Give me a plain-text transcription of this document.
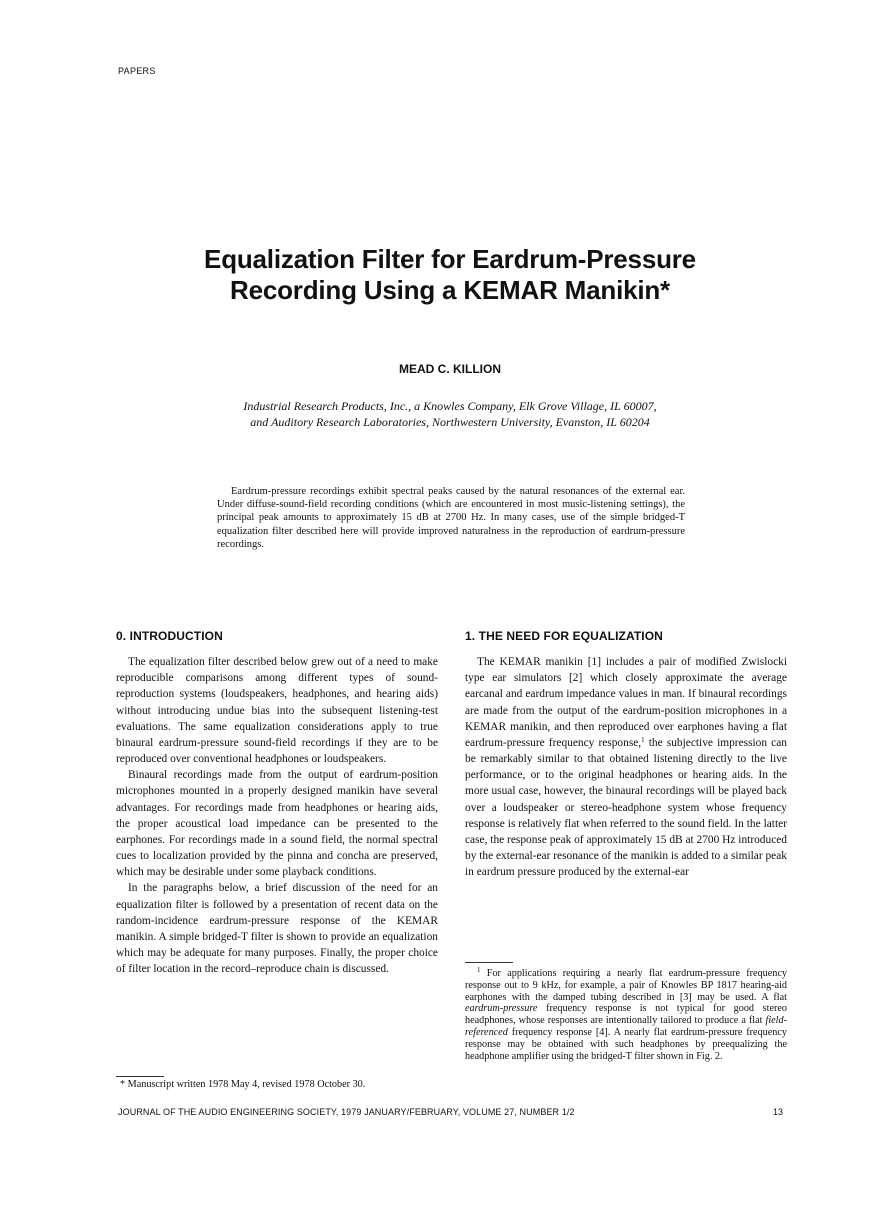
PAPERS
Equalization Filter for Eardrum-Pressure
Recording Using a KEMAR Manikin*
MEAD C. KILLION
Industrial Research Products, Inc., a Knowles Company, Elk Grove Village, IL 60007,
and Auditory Research Laboratories, Northwestern University, Evanston, IL 60204
Eardrum-pressure recordings exhibit spectral peaks caused by the natural resonances of the external ear. Under diffuse-sound-field recording conditions (which are encountered in most music-listening settings), the principal peak amounts to approximately 15 dB at 2700 Hz. In many cases, use of the simple bridged-T equalization filter described here will provide improved naturalness in the reproduction of eardrum-pressure recordings.
0. INTRODUCTION

The equalization filter described below grew out of a need to make reproducible comparisons among different types of sound-reproduction systems (loudspeakers, headphones, and hearing aids) without introducing undue bias into the subsequent listening-test evaluations. The same equalization considerations apply to true binaural eardrum-pressure sound-field recordings if they are to be reproduced over conventional headphones or loudspeakers.

Binaural recordings made from the output of eardrum-position microphones mounted in a properly designed manikin have several advantages. For recordings made from headphones or hearing aids, the proper acoustical load impedance can be presented to the earphones. For recordings made in a sound field, the normal spectral cues to localization provided by the pinna and concha are preserved, which may be desirable under some playback conditions.

In the paragraphs below, a brief discussion of the need for an equalization filter is followed by a presentation of recent data on the random-incidence eardrum-pressure response of the KEMAR manikin. A simple bridged-T filter is shown to provide an equalization which may be adequate for many purposes. Finally, the proper choice of filter location in the record–reproduce chain is discussed.

1. THE NEED FOR EQUALIZATION

The KEMAR manikin [1] includes a pair of modified Zwislocki type ear simulators [2] which closely approximate the average earcanal and eardrum impedance values in man. If binaural recordings are made from the output of the eardrum-position microphones in a KEMAR manikin, and then reproduced over earphones having a flat eardrum-pressure frequency response,$^1$ the subjective impression can be remarkably similar to that obtained listening directly to the live performance, or to the original headphones or hearing aids. In the more usual case, however, the binaural recordings will be played back over a loudspeaker or stereo-headphone system whose frequency response is relatively flat when referred to the sound field. In the latter case, the response peak of approximately 15 dB at 2700 Hz introduced by the external-ear resonance of the manikin is added to a similar peak in eardrum pressure produced by the external-ear

* Manuscript written 1978 May 4, revised 1978 October 30.
$^1$ For applications requiring a nearly flat eardrum-pressure frequency response out to 9 kHz, for example, a pair of Knowles BP 1817 hearing-aid earphones with the damped tubing described in [3] may be used. A flat eardrum-pressure frequency response is not typical for good stereo headphones, whose responses are intentionally tailored to produce a flat field-referenced frequency response [4]. A nearly flat eardrum-pressure frequency response may be obtained with such headphones by preequalizing the headphone amplifier using the bridged-T filter shown in Fig. 2.
JOURNAL OF THE AUDIO ENGINEERING SOCIETY, 1979 JANUARY/FEBRUARY, VOLUME 27, NUMBER 1/2	13
